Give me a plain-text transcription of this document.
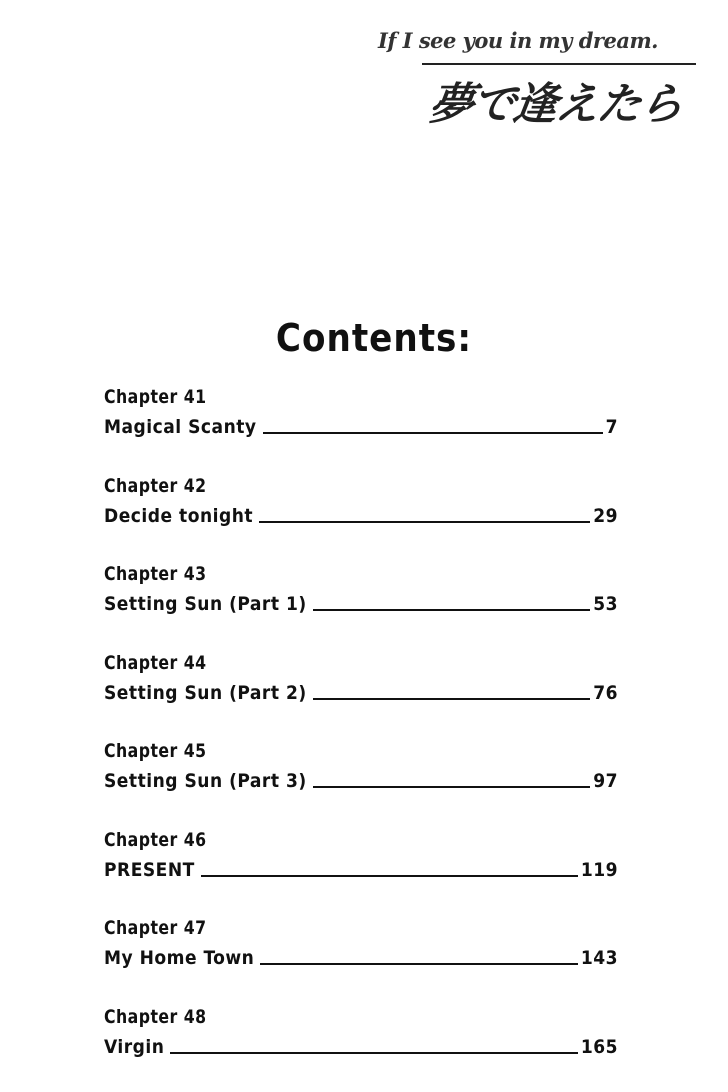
If I see you in my dream.
夢で逢えたら
Contents:
Chapter 41
Magical Scanty	7
Chapter 42
Decide tonight	29
Chapter 43
Setting Sun (Part 1)	53
Chapter 44
Setting Sun (Part 2)	76
Chapter 45
Setting Sun (Part 3)	97
Chapter 46
PRESENT	119
Chapter 47
My Home Town	143
Chapter 48
Virgin	165
